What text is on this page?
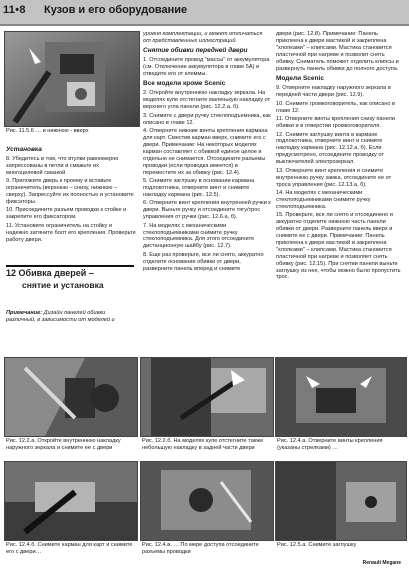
11•8 Кузов и его оборудование
Рис. 11.5.6 … и нижнюю - вверх
Установка

8. Убедитесь в том, что втулки равномерно запрессованы в петли и смажьте их многоцелевой смазкой.

9. Приложите дверь к проему и вставьте ограничитель (верхнюю – снизу, нижнюю – сверху). Запрессуйте их полностью и установите фиксаторы.

10. Присоедините разъем проводки к стойке и закрепите его фиксатором.

11. Установите ограничитель на стойку и надежно затяните болт его крепления. Проверьте работу двери.

12 Обивка дверей –
снятие и установка

Примечание: Дизайн панелей обивки различный, в зависимости от моделей и

уровня комплектации, и может отличаться от представленных иллюстраций.

Снятие обивки передней двери

1. Отсоедините провод "массы" от аккумулятора (см. Отключение аккумулятора в главе 5А) и отведите его от клеммы.

Все модели кроме Scenic

2. Откройте внутреннюю накладку зеркала. На моделях купе отстегните маленькую накладку от верхнего угла панели (рис. 12.2.а, б).

3. Снимите с двери ручку стеклоподъемника, как описано в главе 12.

4. Отверните нижние винты крепления кармана для карт. Сместив карман вверх, снимите его с двери. Примечание: На некоторых моделях карман составляет с обивкой единое целое и отдельно не снимается. Отсоедините разъемы проводки (если проводка имеется) и переместите их за обивку (рис. 12.4).

5. Снимите заглушку в основании кармана подлокотника, отверните винт и снимите накладку кармана (рис. 12.5).

6. Отверните винт крепления внутренней ручки к двери. Выньте ручку и отсоедините тягу/трос управления от ручки (рис. 12.6.а, б).

7. На моделях с механическими стеклоподъемниками снимите ручку стеклоподъемника. Для этого отсоедините дистанционную шайбу (рис. 12.7).

8. Еще раз проверьте, все ли снято, аккуратно отделите основание обивки от двери, разверните панель вперед и снимите

двери (рис. 12.8). Примечание: Панель приклеена к двери мастикой и закреплена "хлопками" – клипсами. Мастика становится пластичной при нагреве и позволит снять обивку. Сниматель поможет отделить клипсы и развернуть панель обивки до полного доступа.

Модели Scenic

9. Отверните накладку наружного зеркала в передней части двери (рис. 12.9).

10. Снимите громкоговоритель, как описано в главе 12.

11. Отверните винты крепления снизу панели обивки и в отверстии громкоговорителя.

12. Снимите заглушку винта в кармане подлокотника, отверните винт и снимите накладку кармана (рис. 12.12.а, б). Если предусмотрено, отсоедините проводку от выключателей электрозеркал.

13. Отверните винт крепления и снимите внутреннюю ручку замка, отсоедините ее от троса управления (рис. 12.13.а, б).

14. На моделях с механическими стеклоподъемниками снимите ручку стеклоподъемника.

15. Проверьте, все ли снято и отсоединено и аккуратно отделите нижнюю часть панели обивки от двери. Разверните панель вверх и снимите ее с двери. Примечание: Панель приклеена к двери мастикой и закреплена "хлопками" – клипсами. Мастика становится пластичной при нагреве и позволяет снять обивку (рис. 12.15). При снятии панели выньте заглушку из нее, чтобы можно было пропустить трос.

Рис. 12.2.а. Откройте внутреннюю накладку наружного зеркала и снимите ее с двери
Рис. 12.2.б. На моделях купе отстегните также небольшую накладку в задней части двери
Рис. 12.4.а. Отверните винты крепления (указаны стрелками) …
Рис. 12.4.б. Снимите карман для карт и снимите его с двери…
Рис. 12.4.в. … По мере доступа отсоедините разъемы проводки
Рис. 12.5.а. Снимите заглушку
Renault Megane
